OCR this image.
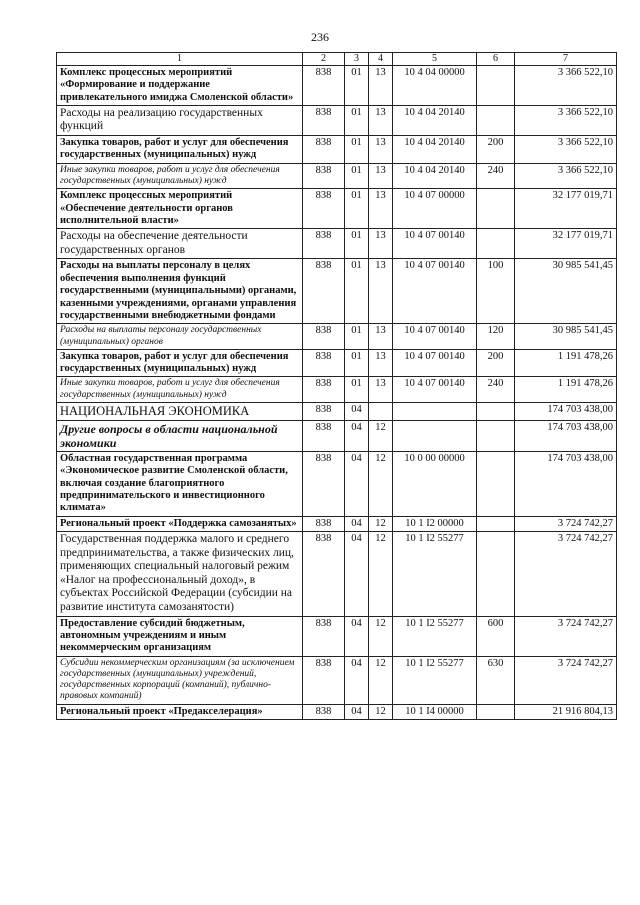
236
1	2	3	4	5	6	7
Комплекс процессных мероприятий «Формирование и поддержание привлекательного имиджа Смоленской области»	838	01	13	10 4 04 00000		3 366 522,10
Расходы на реализацию государственных функций	838	01	13	10 4 04 20140		3 366 522,10
Закупка товаров, работ и услуг для обеспечения государственных (муниципальных) нужд	838	01	13	10 4 04 20140	200	3 366 522,10
Иные закупки товаров, работ и услуг для обеспечения государственных (муниципальных) нужд	838	01	13	10 4 04 20140	240	3 366 522,10
Комплекс процессных мероприятий «Обеспечение деятельности органов исполнительной власти»	838	01	13	10 4 07 00000		32 177 019,71
Расходы на обеспечение деятельности государственных органов	838	01	13	10 4 07 00140		32 177 019,71
Расходы на выплаты персоналу в целях обеспечения выполнения функций государственными (муниципальными) органами, казенными учреждениями, органами управления государственными внебюджетными фондами	838	01	13	10 4 07 00140	100	30 985 541,45
Расходы на выплаты персоналу государственных (муниципальных) органов	838	01	13	10 4 07 00140	120	30 985 541,45
Закупка товаров, работ и услуг для обеспечения государственных (муниципальных) нужд	838	01	13	10 4 07 00140	200	1 191 478,26
Иные закупки товаров, работ и услуг для обеспечения государственных (муниципальных) нужд	838	01	13	10 4 07 00140	240	1 191 478,26
НАЦИОНАЛЬНАЯ ЭКОНОМИКА	838	04				174 703 438,00
Другие вопросы в области национальной экономики	838	04	12			174 703 438,00
Областная государственная программа «Экономическое развитие Смоленской области, включая создание благоприятного предпринимательского и инвестиционного климата»	838	04	12	10 0 00 00000		174 703 438,00
Региональный проект «Поддержка самозанятых»	838	04	12	10 1 I2 00000		3 724 742,27
Государственная поддержка малого и среднего предпринимательства, а также физических лиц, применяющих специальный налоговый режим «Налог на профессиональный доход», в субъектах Российской Федерации (субсидии на развитие института самозанятости)	838	04	12	10 1 I2 55277		3 724 742,27
Предоставление субсидий бюджетным, автономным учреждениям и иным некоммерческим организациям	838	04	12	10 1 I2 55277	600	3 724 742,27
Субсидии некоммерческим организациям (за исключением государственных (муниципальных) учреждений, государственных корпораций (компаний), публично-правовых компаний)	838	04	12	10 1 I2 55277	630	3 724 742,27
Региональный проект «Предакселерация»	838	04	12	10 1 I4 00000		21 916 804,13
